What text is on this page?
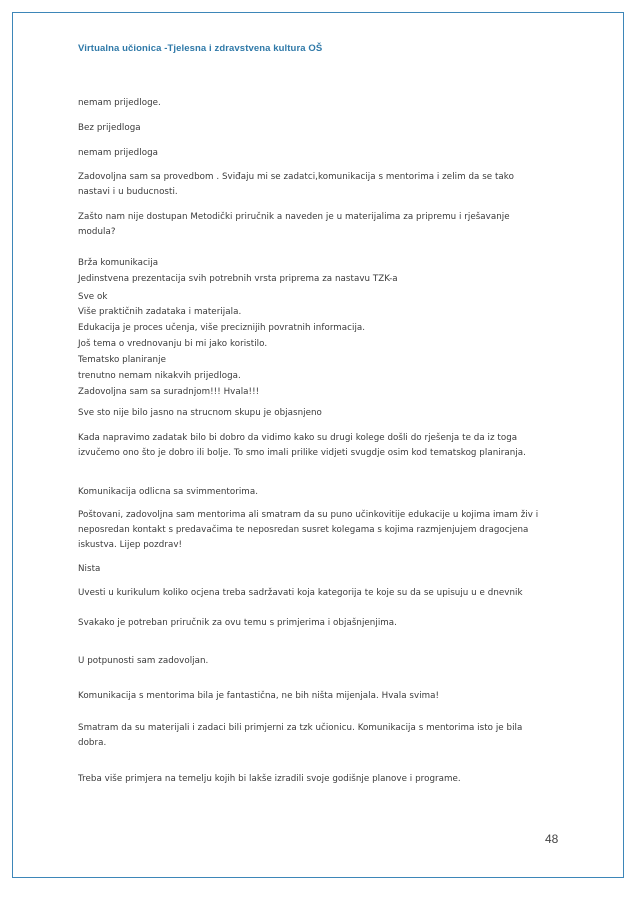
Virtualna učionica -Tjelesna i zdravstvena kultura OŠ

nemam prijedloge.

Bez prijedloga

nemam prijedloga

Zadovoljna sam sa provedbom . Sviđaju mi se zadatci,komunikacija s mentorima i zelim da se tako nastavi i u buducnosti.

Zašto nam nije dostupan Metodički priručnik a naveden je u materijalima za pripremu i rješavanje modula?

Brža komunikacija

Jedinstvena prezentacija svih potrebnih vrsta priprema za nastavu TZK-a

Sve ok

Više praktičnih zadataka i materijala.

Edukacija je proces učenja, više preciznijih povratnih informacija.

Još tema o vrednovanju bi mi jako koristilo.

Tematsko planiranje

trenutno nemam nikakvih prijedloga.

Zadovoljna sam sa suradnjom!!! Hvala!!!

Sve sto nije bilo jasno na strucnom skupu je objasnjeno

Kada napravimo zadatak bilo bi dobro da vidimo kako su drugi kolege došli do rješenja te da iz toga izvučemo ono što je dobro ili bolje. To smo imali prilike vidjeti svugdje osim kod tematskog planiranja.

Komunikacija odlicna sa svimmentorima.

Poštovani, zadovoljna sam mentorima ali smatram da su puno učinkovitije edukacije u kojima imam živ i neposredan kontakt s predavačima te neposredan susret kolegama s kojima razmjenjujem dragocjena iskustva. Lijep pozdrav!

Nista

Uvesti u kurikulum koliko ocjena treba sadržavati koja kategorija te koje su da se upisuju u e dnevnik

Svakako je potreban priručnik za ovu temu s primjerima i objašnjenjima.

U potpunosti sam zadovoljan.

Komunikacija s mentorima bila je fantastična, ne bih ništa mijenjala. Hvala svima!

Smatram da su materijali i zadaci bili primjerni za tzk učionicu. Komunikacija s mentorima isto je bila dobra.

Treba više primjera na temelju kojih bi lakše izradili svoje godišnje planove i programe.

48
